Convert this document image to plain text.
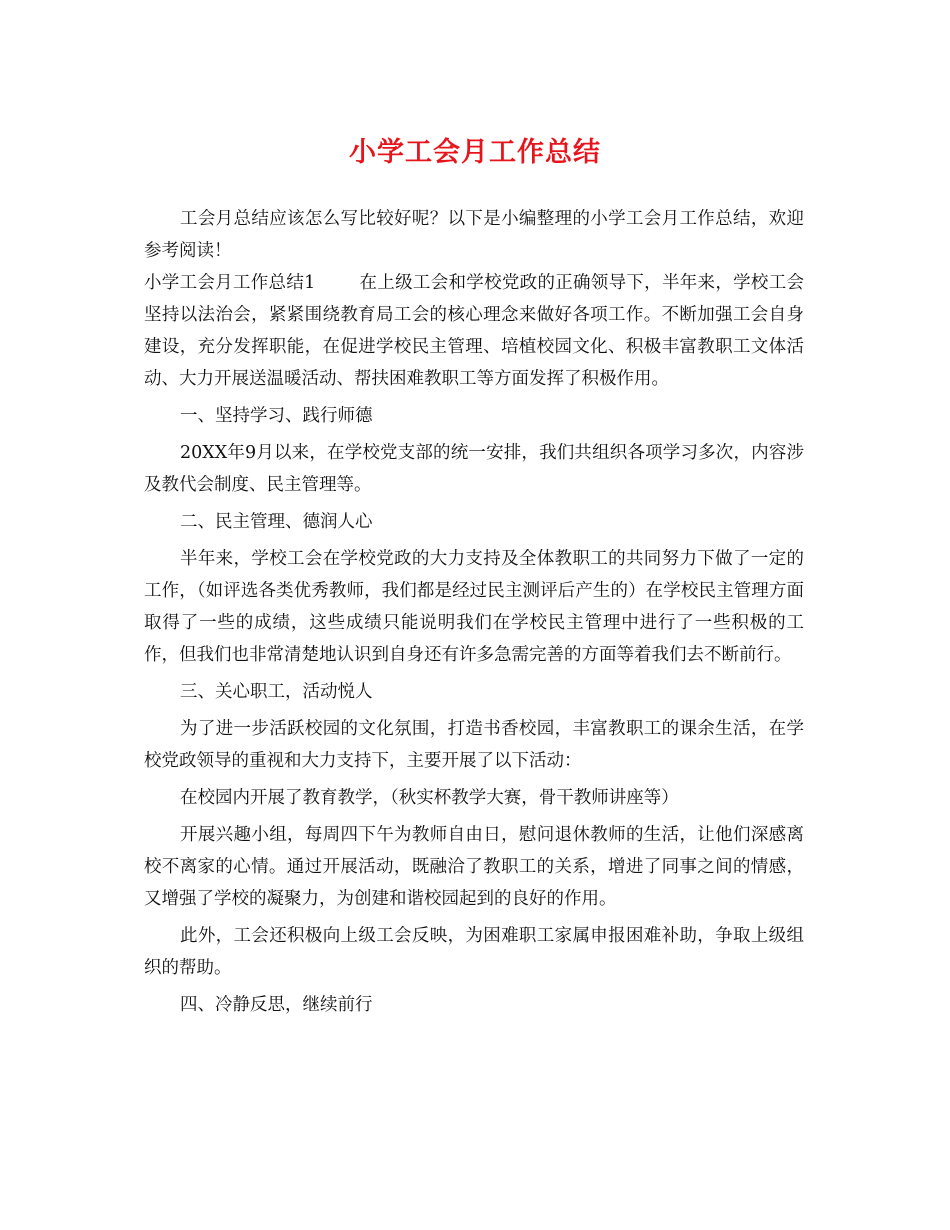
小学工会月工作总结

工会月总结应该怎么写比较好呢？以下是小编整理的小学工会月工作总结，欢迎参考阅读！

小学工会月工作总结1	在上级工会和学校党政的正确领导下，半年来，学校工会坚持以法治会，紧紧围绕教育局工会的核心理念来做好各项工作。不断加强工会自身建设，充分发挥职能，在促进学校民主管理、培植校园文化、积极丰富教职工文体活动、大力开展送温暖活动、帮扶困难教职工等方面发挥了积极作用。

一、坚持学习、践行师德

20XX年9月以来，在学校党支部的统一安排，我们共组织各项学习多次，内容涉及教代会制度、民主管理等。

二、民主管理、德润人心

半年来，学校工会在学校党政的大力支持及全体教职工的共同努力下做了一定的工作，（如评选各类优秀教师，我们都是经过民主测评后产生的）在学校民主管理方面取得了一些的成绩，这些成绩只能说明我们在学校民主管理中进行了一些积极的工作，但我们也非常清楚地认识到自身还有许多急需完善的方面等着我们去不断前行。

三、关心职工，活动悦人

为了进一步活跃校园的文化氛围，打造书香校园，丰富教职工的课余生活，在学校党政领导的重视和大力支持下，主要开展了以下活动：

在校园内开展了教育教学，（秋实杯教学大赛，骨干教师讲座等）

开展兴趣小组，每周四下午为教师自由日，慰问退休教师的生活，让他们深感离校不离家的心情。通过开展活动，既融洽了教职工的关系，增进了同事之间的情感，又增强了学校的凝聚力，为创建和谐校园起到的良好的作用。

此外，工会还积极向上级工会反映，为困难职工家属申报困难补助，争取上级组织的帮助。

四、冷静反思，继续前行
